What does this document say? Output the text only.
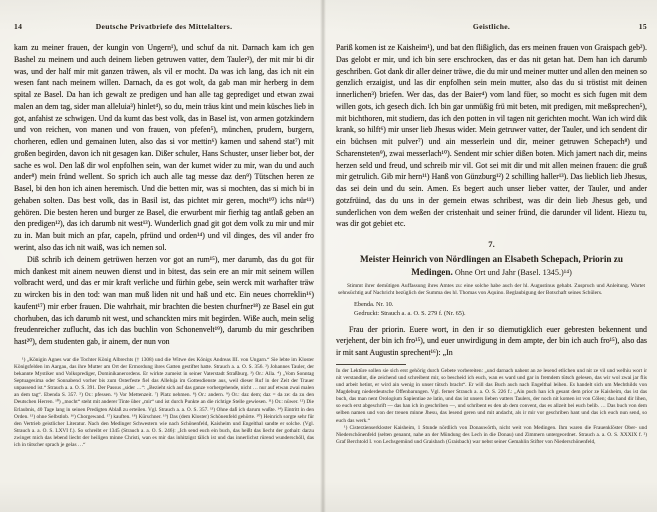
14	Deutsche Privatbriefe des Mittelalters.

kam zu meiner frauen, der kungin von Ungern¹), und schuf da nit. Darnach kam ich gen Bashel zu meinem und auch deinem lieben getruwen vatter, dem Tauler²), der mit mir bi dir was, und der half mir mit ganzen träwen, als vil er mocht. Da was ich lang, das ich nit ein wesen fant nach meinem willen. Darnach, da es got wolt, da gab man mir herberg in dem spital ze Basel. Da han ich gewalt ze predigen und han alle tag geprediget und etwan zwai malen an dem tag, sider man alleluia³) hinlet⁴), so du, mein träus kint und mein küsches lieb in got, anfahist ze schwigen. Und da kumt das best volk, das in Basel ist, von armen gotzkindern und von reichen, von manen und von frauen, von pfefen⁵), münchen, prudern, burgern, chorheren, edlen und gemainen luten, also das si vor mettin⁶) kamen und sahend stat⁷) mit großen begirden, davon ich nit gesagen kan. Dißer schuler, Hans Schuster, unser lieber bot, der sache es wol. Den laß dir wol enpfolhen sein, wan der kumet wider zu mir, wan du und auch ander⁸) mein fründ wellent. So sprich ich auch alle tag messe daz den⁹) Tütschen heren ze Basel, bi den hon ich ainen heremisch. Und die betten mir, was si mochten, das si mich bi in gehaben solten. Das best volk, das in Basil ist, das pichtet mir geren, mocht¹⁰) ichs nür¹¹) gehören. Die besten heren und burger ze Basel, die erwurbent mir fierhig tag antlaß geben an den predigen¹²), das ich darumb nit west¹³). Wunderlich gnad git got dem volk zu mir und mir zu in. Man buit mich an pfar, capeln, pfründ und orden¹⁴) und vil dinges, des vil ander fro werint, also das ich nit waiß, was ich nemen sol.

Diß schrib ich deinem getrüwen herzen vor got an rum¹⁵), mer darumb, das du got für mich dankest mit ainem neuwen dienst und in bitest, das sein ere an mir mit seinem willen volbracht werd, und das er mir kraft verliche und fürhin gebe, sein werck mit warhafter träw zu wircken bis in den tod: wan man muß liden nit und haß und etc. Ein neues chorreklin¹⁶) kaufent¹⁷) mir erber frauen. Die wahrhait, mir brachten die besten churfner¹⁸) ze Basel ein gut chorhuben, das ich darumb nit west, und schanckten mirs mit begirden. Wiße auch, mein selig freudenreicher zuflucht, das ich das buchlin von Schonenvelt¹⁹), darumb du mir geschriben hast²⁰), dem studenten gab, ir ainem, der nun von

¹) „Königin Agnes war die Tochter König Albrechts († 1308) und die Witwe des Königs Andreas III. von Ungarn.“ Sie lebte im Kloster Königsfelden im Aargau, das ihre Mutter am Ort der Ermordung ihres Gatten gestiftet hatte. Strauch a. a. O. S. 356. ²) Johannes Tauler, der bekannte Mystiker und Volksprediger, Dominikanerordens. Er wirkte zumeist in seiner Vaterstadt Straßburg. ³) Or.: Alla. ⁴) „Vom Sonntag Septuagesima oder Sonnabend vorher bis zum Osterfeste fiel das Alleluja im Gottesdienste aus, weil dieser Ruf in der Zeit der Trauer unpassend ist.“ Strauch a. a. O. S. 391. Der Passus „sider …“: „Bezieht sich auf das ganze vorhergehende, nicht … nur auf etwan zwai malen an dem tag“. Ebenda S. 357. ⁵) Or.: pfessen. ⁶) Vor Mettenzeit. ⁷) Platz nehmen. ⁸) Or.: andern. ⁹) Or.: daz dem; daz = da ze: da zu den Deutschen Herren. ¹⁰) „mocht“ steht mit anderer Tinte über „mir“ und ist durch Punkte an die richtige Stelle gewiesen. ¹¹) Or.: nüwer. ¹²) Die Erlaubnis, 40 Tage lang in seinen Predigten Ablaß zu erteilen. Vgl. Strauch a. a. O. S. 357. ¹³) Ohne daß ich darum wußte. ¹⁴) Eintritt in den Orden. ¹⁵) ohne Selbstlob. ¹⁶) Chorgewand. ¹⁷) kauften. ¹⁸) Kürschner. ¹⁹) Das (dem Kloster) Schönenfeld gehörte. ²⁰) Heinrich sorgte sehr für den Vertrieb geistlicher Literatur. Nach den Medinger Schwestern wie nach Schönenfeld, Kaisheim und Engelthal sandte er solche. (Vgl. Strauch a. a. O. S. LXVI f.). So schreibt er 1345 (Strauch a. a. O. S. 246): „Ich send euch ein buch, das heißt das liecht der gothait: darzu zwinget mich das lebend liecht der heiligen minne Christi, wan es mir das inhitzigst tälich ist und das innerlichst rürend wunderschöll, das ich in tütscher sprach je gelas …“

Geistliche.	15

Pariß komen ist ze Kaisheim¹), und bat den flißiglich, das ers meinen frauen von Graispach geb²). Das gelobt er mir, und ich bin sere erschrocken, das er das nit getan hat. Dem han ich darumb geschriben. Got dank dir aller deiner träwe, die du mir und meiner mutter und allen den meinen so genzlich erzaigist, und las dir enpfolhen sein mein mutter, also das du si tröstist mit deinen innerlichen³) briefen. Wer das, das der Baier⁴) vom land füer, so mocht es sich fugen mit dem willen gots, ich gesech dich. Ich bin gar unmüßig frü mit beten, mit predigen, mit meßsprechen⁵), mit bichthoren, mit studiern, das ich den potten in vil tagen nit gerichten mocht. Wan ich wird dik krank, so hilft⁶) mir unser lieb Jhesus wider. Mein getruwer vatter, der Tauler, und ich sendent dir ein büchsen mit pulver⁷) und ain messerlein und dir, meiner getruwen Schepach⁸) und Scharensteten⁹), zwai messerlach¹⁰). Sendent mir schier dißen boten. Mich jamert nach dir, meins herzen seld und freud, und schreib mir vil. Got sei mit dir und mit allen meinen frauen: die gruß mir getrulich. Gib mir hern¹¹) Hanß von Günzburg¹²) 2 schilling haller¹³). Das lieblich lieb Jhesus, das sei dein und du sein. Amen. Es begert auch unser lieber vatter, der Tauler, und ander gotzfrüind, das du uns in der gemein etwas schribest, was dir dein lieb Jhesus geb, und sunderlichen von dem weßen der cristenhait und seiner fründ, die darunder vil lident. Hiezu tu, was dir got gebiet etc.

7.
Meister Heinrich von Nördlingen an Elsabeth Schepach, Priorin zu Medingen. Ohne Ort und Jahr (Basel. 1345.)¹⁴)
Stimmt ihrer demütigen Auffassung ihres Amtes zu: eine solche habe auch der hl. Augustinus gehabt. Zuspruch und Anleitung. Wartet sehnsüchtig auf Nachricht bezüglich der Summa des hl. Thomas von Aquino. Beglaubigung der Botschaft seines Schülers.
Ebenda. Nr. 10.
Gedruckt: Strauch a. a. O. S. 279 f. (Nr. 65).

Frau der priorin. Euere wort, in den ir so diemutigklich euer gebresten bekennent und verjehent, der bin ich fro¹⁵), und euer unwirdigung in dem ampte, der bin ich auch fro¹⁵), also das ir mit sant Augustin sprechent¹⁶): „In

In der Lektüre sollen sie sich erst gehörig durch Gebete vorbereiten: „und darnach nahent an ze lesend etlichen und nit ze vil und welhiu wort ir nit verstandint, die zeichend und schreibent mir, so bescheid ich euch, wan es ward und gar in fremdem tütsch gelesen, das wir wol zwai jar flis und arbeit hetint, er wird ain wenig in unser tütsch bracht“. Er will das Buch auch nach Engelthal leihen. Es handelt sich um Mechthilds von Magdeburg niederdeutsche Offenbarungen. Vgl. ferner Strauch a. a. O. S. 226 f.: „Ain puch han ich gesant dem prior ze Kaisheim, das ist das buch, das man nent Orologium Sapientiae ze latin, und das ist unsers lieben vatters Taulers, der noch nit komen ist von Cölen; das hand dir lihen, so euch erst abgeschrift — das han ich in geschriben —, und schribent es den ab dem convent, das es allzeit bei euch belib. … Das buch von dem selben namen und von der treuen minne Jhesu, das lesend geren und mit andacht, als ir mir vor geschriben hant und das ich euch nun send, so euch das werk.“

¹) Cisterzienserkloster Kaisheim, 1 Stunde nördlich von Donauwörth, nicht weit von Medingen. Ihm waren die Frauenklöster Ober- und Niederschönenfeld (selten genannt, nahe an der Mündung des Lech in die Donau) und Zimmern untergeordnet. Strauch a. a. O. S. XXXIX f. ²) Graf Berchtold I. von Lechsgemünd und Graisbach (Graisbach) war nebst seiner Gemahlin Stifter von Niederschönenfeld,
